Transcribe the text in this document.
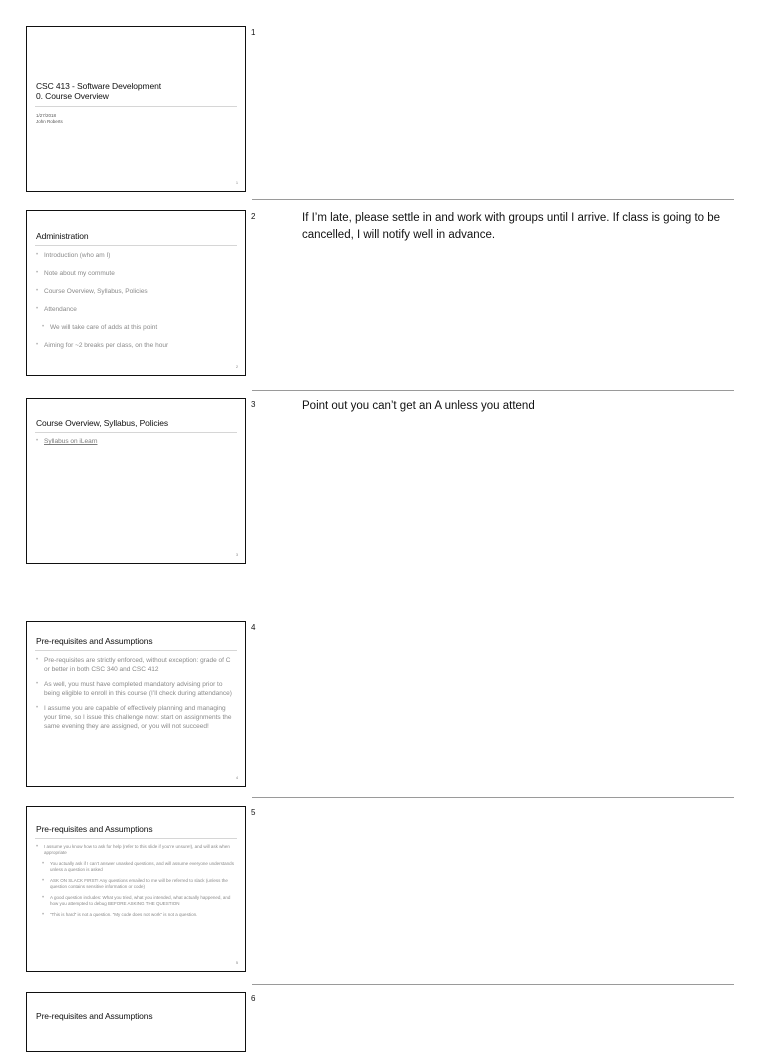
CSC 413 - Software Development
0. Course Overview
1/27/2018
John Roberts
1
1
Administration
• Introduction (who am I)
• Note about my commute
• Course Overview, Syllabus, Policies
• Attendance
• We will take care of adds at this point
• Aiming for ~2 breaks per class, on the hour
2
2	If I’m late, please settle in and work with groups until I arrive. If class is going to be cancelled, I will notify well in advance.
Course Overview, Syllabus, Policies
• Syllabus on iLearn
3
3	Point out you can’t get an A unless you attend
Pre-requisites and Assumptions
• Pre-requisites are strictly enforced, without exception: grade of C or better in both CSC 340 and CSC 412
• As well, you must have completed mandatory advising prior to being eligible to enroll in this course (I’ll check during attendance)
• I assume you are capable of effectively planning and managing your time, so I issue this challenge now: start on assignments the same evening they are assigned, or you will not succeed!
4
4
Pre-requisites and Assumptions
• I assume you know how to ask for help (refer to this slide if you’re unsure!), and will ask when appropriate
• You actually ask if I can’t answer unasked questions, and will assume everyone understands unless a question is asked
• ASK ON SLACK FIRST! Any questions emailed to me will be referred to slack (unless the question contains sensitive information or code)
• A good question includes: What you tried, what you intended, what actually happened, and how you attempted to debug BEFORE ASKING THE QUESTION
• “This is hard” is not a question. “My code does not work” is not a question.
5
5
Pre-requisites and Assumptions
6
